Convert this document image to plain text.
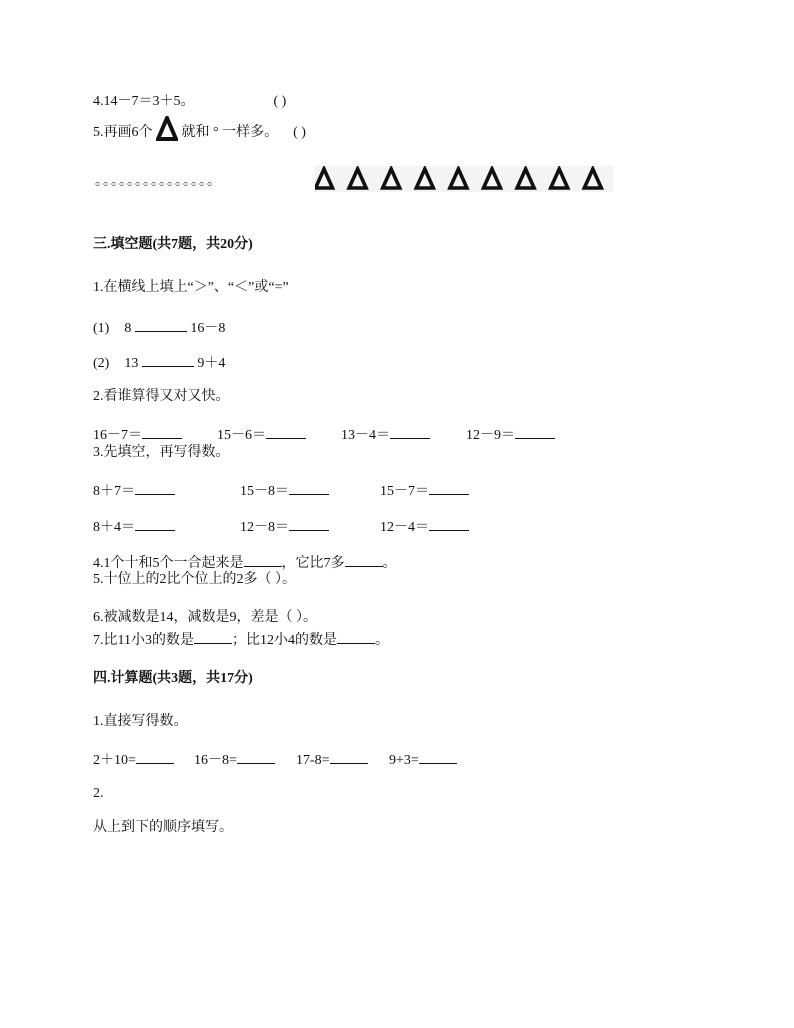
4.14－7＝3＋5。	( )
5.再画6个 就和 ° 一样多。 ( )
。。。。。。。。。。。。。。。
三.填空题(共7题，共20分)
1.在横线上填上“＞”、“＜”或“=”
(1) 8	16－8
(2) 13	9＋4
2.看谁算得又对又快。
16－7＝	15－6＝	13－4＝	12－9＝
3.先填空，再写得数。
8＋7＝	15－8＝	15－7＝
8＋4＝	12－8＝	12－4＝
4.1个十和5个一合起来是	，它比7多	。
5.十位上的2比个位上的2多（ ）。
6.被减数是14，减数是9，差是（ ）。
7.比11小3的数是	；比12小4的数是	。
四.计算题(共3题，共17分)
1.直接写得数。
2＋10=	16－8=	17-8=	9+3=
2.
从上到下的顺序填写。
